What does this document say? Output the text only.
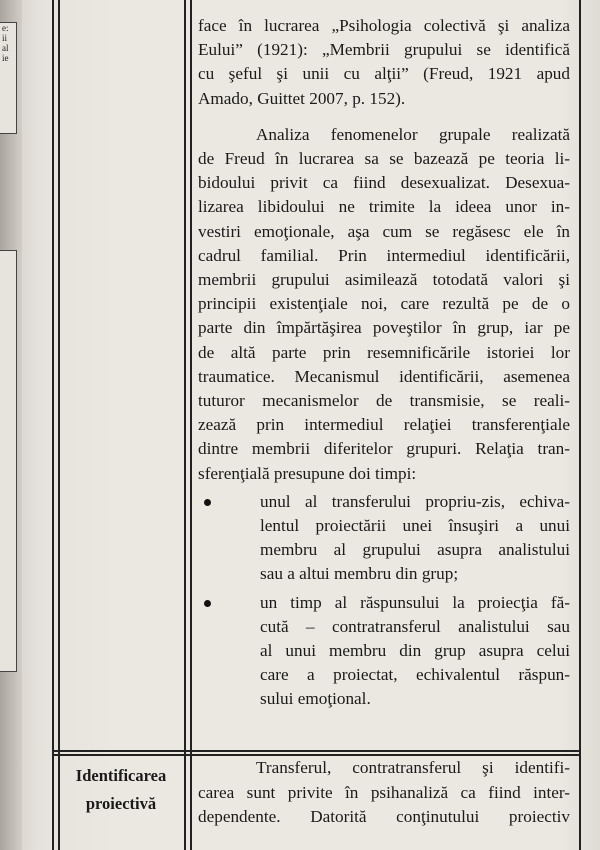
e:
ii
al
ie
face în lucrarea „Psihologia colectivă şi analiza
Eului” (1921): „Membrii grupului se identifică
cu şeful şi unii cu alţii” (Freud, 1921 apud
Amado, Guittet 2007, p. 152).
Analiza fenomenelor grupale realizată
de Freud în lucrarea sa se bazează pe teoria li-
bidoului privit ca fiind desexualizat. Desexua-
lizarea libidoului ne trimite la ideea unor in-
vestiri emoţionale, aşa cum se regăsesc ele în
cadrul familial. Prin intermediul identificării,
membrii grupului asimilează totodată valori şi
principii existenţiale noi, care rezultă pe de o
parte din împărtăşirea poveştilor în grup, iar pe
de altă parte prin resemnificările istoriei lor
traumatice. Mecanismul identificării, asemenea
tuturor mecanismelor de transmisie, se reali-
zează prin intermediul relaţiei transferenţiale
dintre membrii diferitelor grupuri. Relaţia tran-
sferenţială presupune doi timpi:
unul al transferului propriu-zis, echiva-
lentul proiectării unei însuşiri a unui
membru al grupului asupra analistului
sau a altui membru din grup;
un timp al răspunsului la proiecţia fă-
cută – contratransferul analistului sau
al unui membru din grup asupra celui
care a proiectat, echivalentul răspun-
sului emoţional.
Identificarea
proiectivă
Transferul, contratransferul şi identifi-
carea sunt privite în psihanaliză ca fiind inter-
dependente. Datorită conţinutului proiectiv
